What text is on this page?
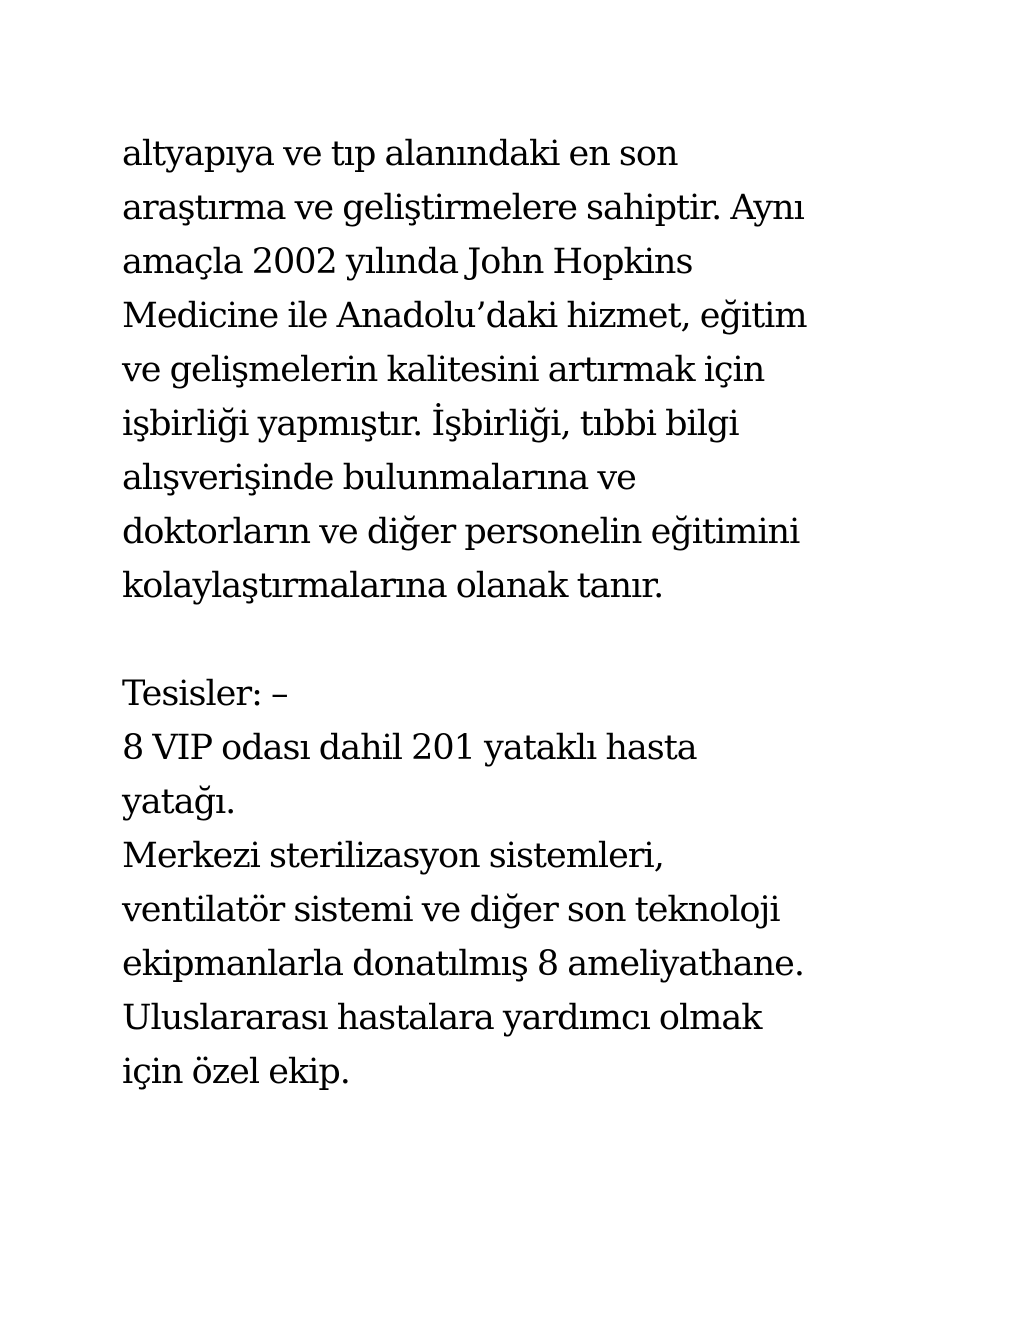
altyapıya ve tıp alanındaki en son
araştırma ve geliştirmelere sahiptir. Aynı
amaçla 2002 yılında John Hopkins
Medicine ile Anadolu’daki hizmet, eğitim
ve gelişmelerin kalitesini artırmak için
işbirliği yapmıştır. İşbirliği, tıbbi bilgi
alışverişinde bulunmalarına ve
doktorların ve diğer personelin eğitimini
kolaylaştırmalarına olanak tanır.
Tesisler: –
8 VIP odası dahil 201 yataklı hasta
yatağı.
Merkezi sterilizasyon sistemleri,
ventilatör sistemi ve diğer son teknoloji
ekipmanlarla donatılmış 8 ameliyathane.
Uluslararası hastalara yardımcı olmak
için özel ekip.
